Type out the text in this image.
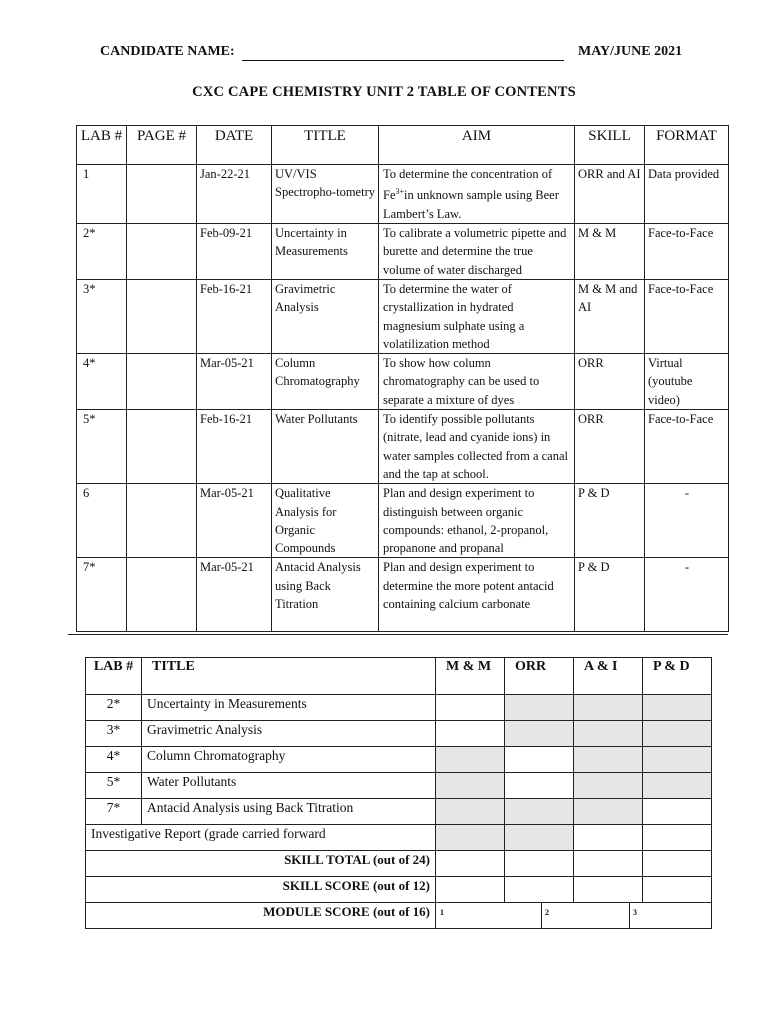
CANDIDATE NAME:	MAY/JUNE 2021
CXC CAPE CHEMISTRY UNIT 2 TABLE OF CONTENTS
LAB #	PAGE #	DATE	TITLE	AIM	SKILL	FORMAT
1		Jan-22-21	UV/VIS Spectropho-tometry	To determine the concentration of $Fe^{3+}in$ unknown sample using Beer Lambert’s Law.	ORR and AI	Data provided
2*		Feb-09-21	Uncertainty in Measurements	To calibrate a volumetric pipette and burette and determine the true volume of water discharged	M & M	Face-to-Face
3*		Feb-16-21	Gravimetric Analysis	To determine the water of crystallization in hydrated magnesium sulphate using a volatilization method	M & M and AI	Face-to-Face
4*		Mar-05-21	Column Chromatography	To show how column chromatography can be used to separate a mixture of dyes	ORR	Virtual (youtube video)
5*		Feb-16-21	Water Pollutants	To identify possible pollutants (nitrate, lead and cyanide ions) in water samples collected from a canal and the tap at school.	ORR	Face-to-Face
6		Mar-05-21	Qualitative Analysis for Organic Compounds	Plan and design experiment to distinguish between organic compounds: ethanol, 2-propanol, propanone and propanal	P & D	-
7*		Mar-05-21	Antacid Analysis using Back Titration	Plan and design experiment to determine the more potent antacid containing calcium carbonate	P & D	-
LAB #	TITLE	M & M	ORR	A & I	P & D
2*	Uncertainty in Measurements				
3*	Gravimetric Analysis				
4*	Column Chromatography				
5*	Water Pollutants				
7*	Antacid Analysis using Back Titration				
Investigative Report (grade carried forward					
SKILL TOTAL (out of 24)					
SKILL SCORE (out of 12)					
MODULE SCORE (out of 16)		1 2 3			
